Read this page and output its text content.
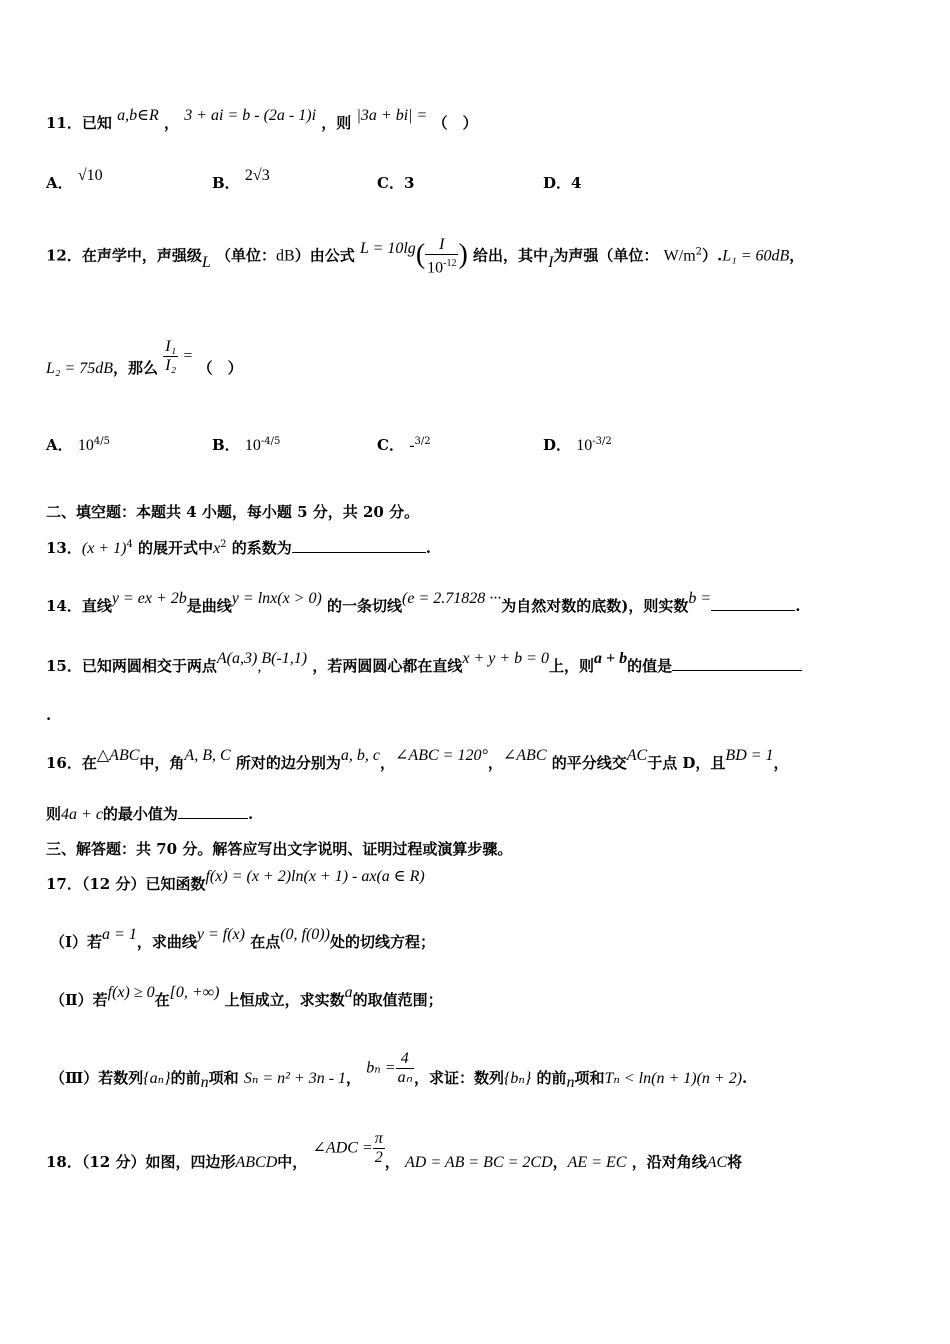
11．已知 a,b∈R ， 3 + ai = b - (2a - 1)i ，则 |3a + bi| = （　）
A． √10	B． 2√3	C．3	D．4
12．在声学中，声强级L （单位：dB）由公式 $L = 10\lg( \frac{I}{10^{-12}}$ ) 给出，其中I为声强（单位： $W/m^2).L_1 = 60dB$，
L₂ = 75dB，那么 $\frac{\text{I₁}}{\text{I₂}}$ = （　）
A． $10^{4/5}$	B． $10^{-4/5}$	C． -$^{3/2}$	D． $10^{-3/2}$
二、填空题：本题共 4 小题，每小题 5 分，共 20 分。
13．$(x + 1)^4$ 的展开式中$x^2$ 的系数为	.
14．直线y = ex + 2b是曲线y = lnx(x > 0) 的一条切线(e = 2.71828 ···为自然对数的底数)，则实数b =	.
15．已知两圆相交于两点A(a,3),B(-1,1) ，若两圆圆心都在直线x + y + b = 0上，则a + b的值是
.
16．在△ABC中，角A, B, C 所对的边分别为a, b, c，∠ABC = 120°，∠ABC 的平分线交AC于点 D，且BD = 1，
则4a + c的最小值为	.
三、解答题：共 70 分。解答应写出文字说明、证明过程或演算步骤。
17．（12 分）已知函数f(x) = (x + 2)ln(x + 1) - ax(a ∈ R)
（Ⅰ）若a = 1，求曲线y = f(x) 在点(0, f(0))处的切线方程；
（Ⅱ）若f(x) ≥ 0在[0, +∞) 上恒成立，求实数a的取值范围；
（Ⅲ）若数列{aₙ}的前n项和 Sₙ = n² + 3n - 1， $b_n = \frac{4}{\text{aₙ}}$ ，求证：数列{bₙ} 的前n项和Tₙ < ln(n + 1)(n + 2).
18．（12 分）如图，四边形ABCD中， ∠ADC = $\frac{\pi}{2}$ ， AD = AB = BC = 2CD，AE = EC ，沿对角线AC将
